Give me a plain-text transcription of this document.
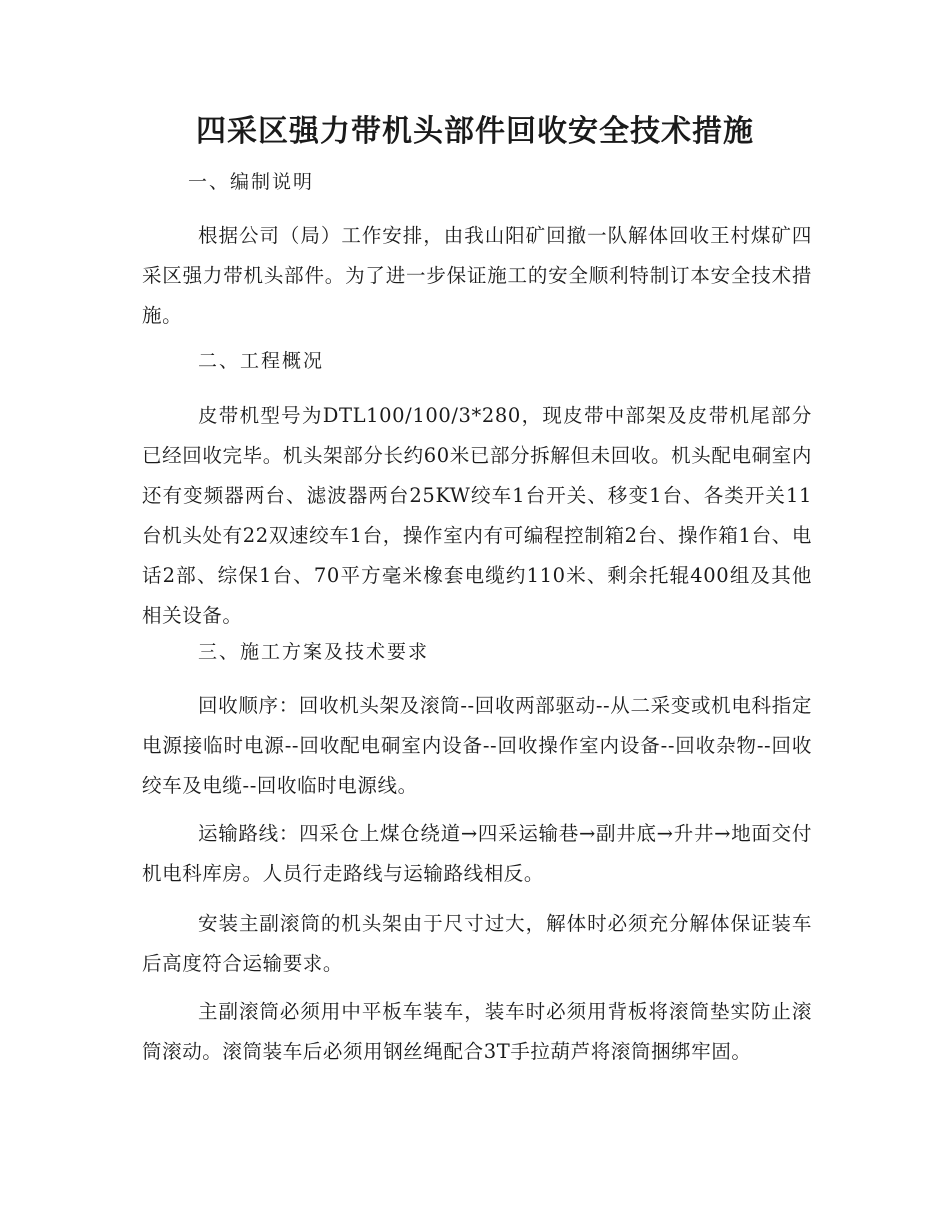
四采区强力带机头部件回收安全技术措施
一、编制说明
根据公司（局）工作安排，由我山阳矿回撤一队解体回收王村煤矿四采区强力带机头部件。为了进一步保证施工的安全顺利特制订本安全技术措施。
二、工程概况
皮带机型号为DTL100/100/3*280，现皮带中部架及皮带机尾部分已经回收完毕。机头架部分长约60米已部分拆解但未回收。机头配电硐室内还有变频器两台、滤波器两台25KW绞车1台开关、移变1台、各类开关11台机头处有22双速绞车1台，操作室内有可编程控制箱2台、操作箱1台、电话2部、综保1台、70平方毫米橡套电缆约110米、剩余托辊400组及其他相关设备。
三、施工方案及技术要求
回收顺序：回收机头架及滚筒--回收两部驱动--从二采变或机电科指定电源接临时电源--回收配电硐室内设备--回收操作室内设备--回收杂物--回收绞车及电缆--回收临时电源线。
运输路线：四采仓上煤仓绕道→四采运输巷→副井底→升井→地面交付机电科库房。人员行走路线与运输路线相反。
安装主副滚筒的机头架由于尺寸过大，解体时必须充分解体保证装车后高度符合运输要求。
主副滚筒必须用中平板车装车，装车时必须用背板将滚筒垫实防止滚筒滚动。滚筒装车后必须用钢丝绳配合3T手拉葫芦将滚筒捆绑牢固。
